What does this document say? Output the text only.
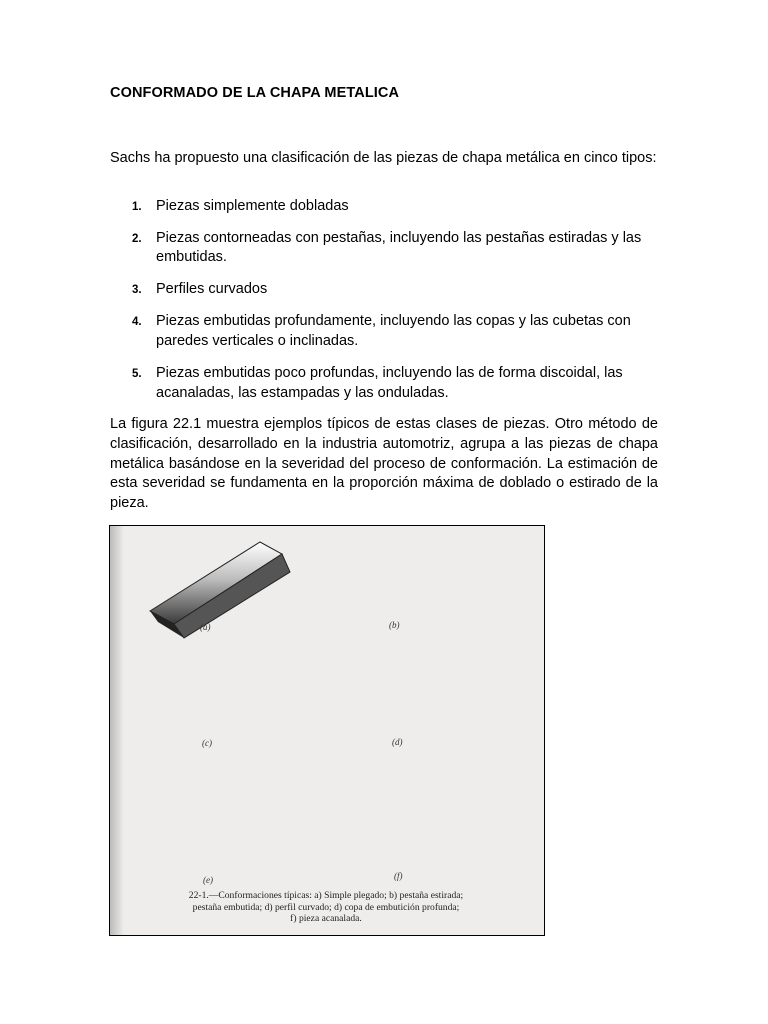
CONFORMADO DE LA CHAPA METALICA
Sachs ha propuesto una clasificación de las piezas de chapa metálica en cinco tipos:
1. Piezas simplemente dobladas
2. Piezas contorneadas con pestañas, incluyendo las pestañas estiradas y las embutidas.
3. Perfiles curvados
4. Piezas embutidas profundamente, incluyendo las copas y las cubetas con paredes verticales o inclinadas.
5. Piezas embutidas poco profundas, incluyendo las de forma discoidal, las acanaladas, las estampadas y las onduladas.
La figura 22.1 muestra ejemplos típicos de estas clases de piezas. Otro método de clasificación, desarrollado en la industria automotriz, agrupa a las piezas de chapa metálica basándose en la severidad del proceso de conformación. La estimación de esta severidad se fundamenta en la proporción máxima de doblado o estirado de la pieza.
(a)	(b)
(c)	(d)
(e)	(f)
22-1.—Conformaciones típicas: a) Simple plegado; b) pestaña estirada;
pestaña embutida; d) perfil curvado; d) copa de embutición profunda;
f) pieza acanalada.
